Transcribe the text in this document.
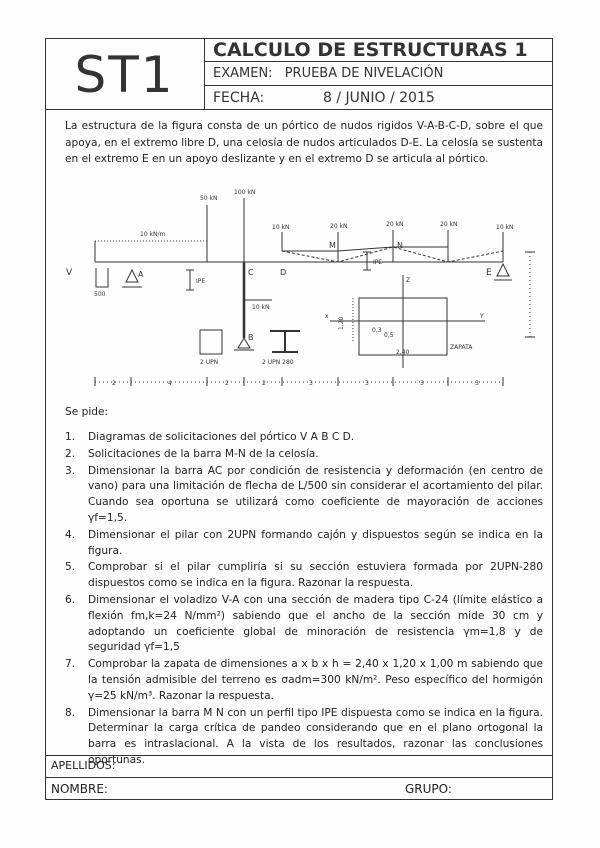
ST1	CALCULO DE ESTRUCTURAS 1
EXAMEN: PRUEBA DE NIVELACIÓN
FECHA:	8 / JUNIO / 2015
La estructura de la figura consta de un pórtico de nudos rigidos V-A-B-C-D, sobre el que apoya, en el extremo libre D, una celosía de nudos articulados D-E. La celosía se sustenta en el extremo E en un apoyo deslizante y en el extremo D se articula al pórtico.
10 kN/m
50 kN
100 kN
10 kN
10 kN	20 kN	20 kN	20 kN	10 kN
V	A
B
C	D	E
M	N
500
IPE
IPE
2 UPN	2 UPN 280
ZAPATA
2,40
1,20
0,3
0,5
Y
Z
x
2	4	2	2	3	3	3	3
Se pide:
1. Diagramas de solicitaciones del pórtico V A B C D.
2. Solicitaciones de la barra M-N de la celosía.
3. Dimensionar la barra AC por condición de resistencia y deformación (en centro de vano) para una limitación de flecha de L/500 sin considerar el acortamiento del pilar. Cuando sea oportuna se utilizará como coeficiente de mayoración de acciones γf=1,5.
4. Dimensionar el pilar con 2UPN formando cajón y dispuestos según se indica en la figura.
5. Comprobar si el pilar cumpliría si su sección estuviera formada por 2UPN-280 dispuestos como se indica en la figura. Razonar la respuesta.
6. Dimensionar el voladizo V-A con una sección de madera tipo C-24 (límite elástico a flexión fm,k=24 N/mm²) sabiendo que el ancho de la sección mide 30 cm y adoptando un coeficiente global de minoración de resistencia γm=1,8 y de seguridad γf=1,5
7. Comprobar la zapata de dimensiones a x b x h = 2,40 x 1,20 x 1,00 m sabiendo que la tensión admisible del terreno es σadm=300 kN/m². Peso específico del hormigón γ=25 kN/m³. Razonar la respuesta.
8. Dimensionar la barra M N con un perfil tipo IPE dispuesta como se indica en la figura. Determinar la carga crítica de pandeo considerando que en el plano ortogonal la barra es intraslacional. A la vista de los resultados, razonar las conclusiones oportunas.
APELLIDOS:
NOMBRE:	GRUPO:
